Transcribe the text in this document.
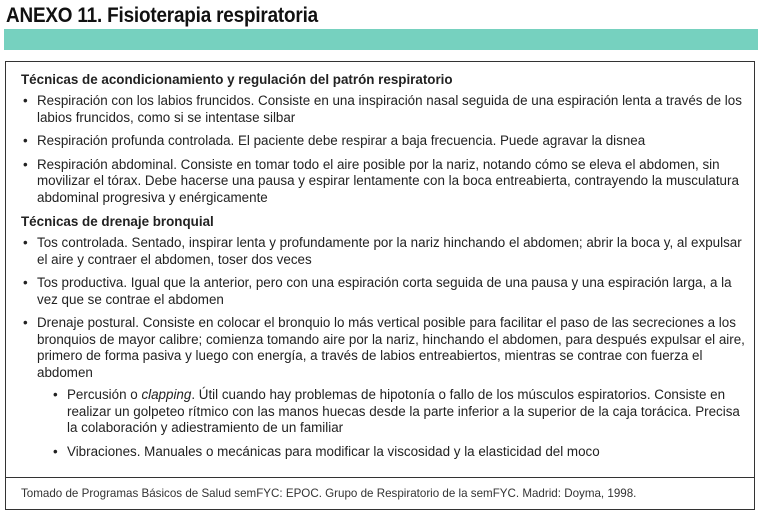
ANEXO 11. Fisioterapia respiratoria
Técnicas de acondicionamiento y regulación del patrón respiratorio
• Respiración con los labios fruncidos. Consiste en una inspiración nasal seguida de una espiración lenta a través de los labios fruncidos, como si se intentase silbar
• Respiración profunda controlada. El paciente debe respirar a baja frecuencia. Puede agravar la disnea
• Respiración abdominal. Consiste en tomar todo el aire posible por la nariz, notando cómo se eleva el abdomen, sin movilizar el tórax. Debe hacerse una pausa y espirar lentamente con la boca entreabierta, contrayendo la musculatura abdominal progresiva y enérgicamente
Técnicas de drenaje bronquial
• Tos controlada. Sentado, inspirar lenta y profundamente por la nariz hinchando el abdomen; abrir la boca y, al expulsar el aire y contraer el abdomen, toser dos veces
• Tos productiva. Igual que la anterior, pero con una espiración corta seguida de una pausa y una espiración larga, a la vez que se contrae el abdomen
• Drenaje postural. Consiste en colocar el bronquio lo más vertical posible para facilitar el paso de las secreciones a los bronquios de mayor calibre; comienza tomando aire por la nariz, hinchando el abdomen, para después expulsar el aire, primero de forma pasiva y luego con energía, a través de labios entreabiertos, mientras se contrae con fuerza el abdomen
• Percusión o clapping. Útil cuando hay problemas de hipotonía o fallo de los músculos espiratorios. Consiste en realizar un golpeteo rítmico con las manos huecas desde la parte inferior a la superior de la caja torácica. Precisa la colaboración y adiestramiento de un familiar
• Vibraciones. Manuales o mecánicas para modificar la viscosidad y la elasticidad del moco
Tomado de Programas Básicos de Salud semFYC: EPOC. Grupo de Respiratorio de la semFYC. Madrid: Doyma, 1998.
